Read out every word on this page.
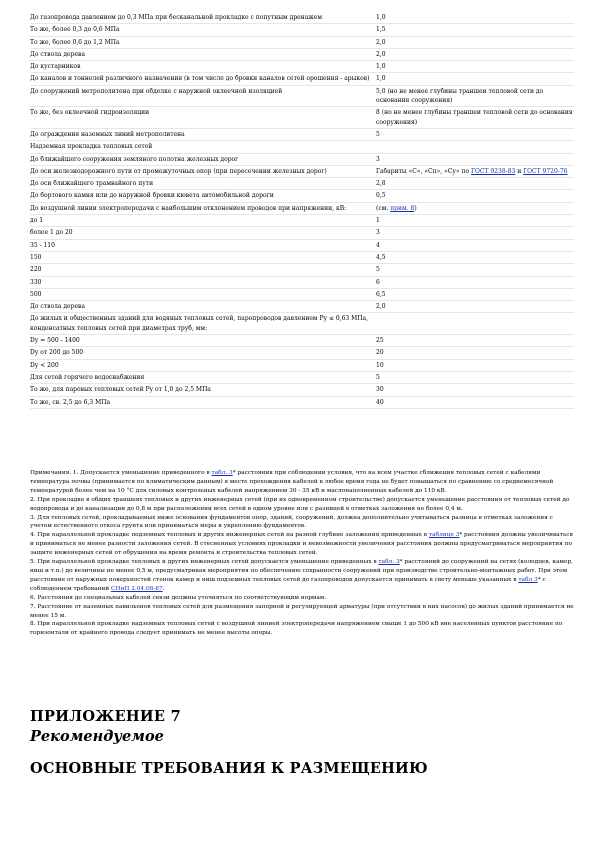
До газопровода давлением до 0,3 МПа при бесканальной прокладке с попутным дренажем	1,0
То же, более 0,3 до 0,6 МПа	1,5
То же, более 0,6 до 1,2 МПа	2,0
До ствола дерева	2,0
До кустарников	1,0
До каналов и тоннелей различного назначения (в том числе до бровки каналов сетей орошения - арыков)	1,0
До сооружений метрополитена при обделке с наружной оклеечной изоляцией	5,0 (но не менее глубины траншеи тепловой сети до основания сооружения)
То же, без оклеечной гидроизоляции	8 (но не менее глубины траншеи тепловой сети до основания сооружения)
До ограждения наземных линий метрополитена	5
Надземная прокладка тепловых сетей
До ближайшего сооружения земляного полотна железных дорог	3
До оси железнодорожного пути от промежуточных опор (при пересечении железных дорог)	Габариты «С», «Сп», «Су» по ГОСТ 9238-83 и ГОСТ 9720-76
До оси ближайшего трамвайного пути	2,8
До бортового камня или до наружной бровки кювета автомобильной дороги	0,5
До воздушной линии электропередачи с наибольшим отклонением проводов при напряжении, кВ:	(см. прим. 8)
до 1	1
более 1 до 20	3
35 - 110	4
150	4,5
220	5
330	6
500	6,5
До ствола дерева	2,0
До жилых и общественных зданий для водяных тепловых сетей, паропроводов давлением Ру ≤ 0,63 МПа, конденсатных тепловых сетей при диаметрах труб, мм:
Dу = 500 - 1400	25
Dу от 200 до 500	20
Dу < 200	10
Для сетей горячего водоснабжения	5
То же, для паровых тепловых сетей Ру от 1,0 до 2,5 МПа	30
То же, св. 2,5 до 6,3 МПа	40

Примечания. 1. Допускается уменьшение приведенного в табл. 3* расстояния при соблюдении условия, что на всем участке сближения тепловых сетей с кабелями температура почвы (принимается по климатическим данным) в месте прохождения кабелей в любое время года не будет повышаться по сравнению со среднемесячной температурой более чем на 10 °С для силовых контрольных кабелей напряжением 30 - 35 кВ и маслонаполненных кабелей до 110 кВ.

2. При прокладке в общих траншеях тепловых и других инженерных сетей (при их одновременном строительстве) допускается уменьшение расстояния от тепловых сетей до водопровода и до канализации до 0,8 м при расположении всех сетей в одном уровне или с разницей в отметках заложения не более 0,4 м.

3. Для тепловых сетей, прокладываемых ниже основания фундаментов опор, зданий, сооружений, должна дополнительно учитываться разница в отметках заложения с учетом естественного откоса грунта или приниматься меры к укреплению фундаментов.

4. При параллельной прокладке подземных тепловых и других инженерных сетей на разной глубине заложения приведенные в таблице 3* расстояния должны увеличиваться и приниматься не менее разности заложения сетей. В стесненных условиях прокладки и невозможности увеличения расстояния должны предусматриваться мероприятия по защите инженерных сетей от обрушения на время ремонта и строительства тепловых сетей.

5. При параллельной прокладке тепловых и других инженерных сетей допускается уменьшение приведенных в табл. 3* расстояний до сооружений на сетях (колодцев, камер, ниш и т.п.) до величины не менее 0,5 м, предусматривая мероприятия по обеспечению сохранности сооружений при производстве строительно-монтажных работ. При этом расстояние от наружных поверхностей стенок камер и ниш подземных тепловых сетей до газопроводов допускается принимать в свету меньше указанных в табл 3* с соблюдением требований СНиП 2.04.08-87.

6. Расстояния до специальных кабелей связи должны уточняться по соответствующим нормам.

7. Расстояние от наземных павильонов тепловых сетей для размещения запорной и регулирующей арматуры (при отсутствии в них насосов) до жилых зданий принимается не менее 15 м.

8. При параллельной прокладке надземных тепловых сетей с воздушной линией электропередачи напряжением свыше 1 до 500 кВ вне населенных пунктов расстояние по горизонтали от крайнего провода следует принимать не менее высоты опоры.

ПРИЛОЖЕНИЕ 7
Рекомендуемое
ОСНОВНЫЕ ТРЕБОВАНИЯ К РАЗМЕЩЕНИЮ
